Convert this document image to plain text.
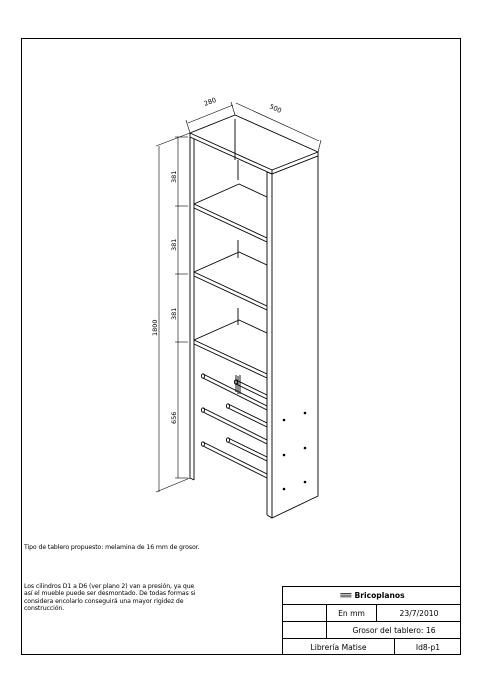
280
500
381
381
381
1800
656
Tipo de tablero propuesto: melamina de 16 mm de grosor.
Los cilindros D1 a D6 (ver plano 2) van a presión, ya que
así el mueble puede ser desmontado. De todas formas si
considera encolarlo conseguirá una mayor rigidez de
construcción.
≡≡ Bricoplanos
En mm	23/7/2010
Grosor del tablero: 16
Librería Matise	Id8-p1
